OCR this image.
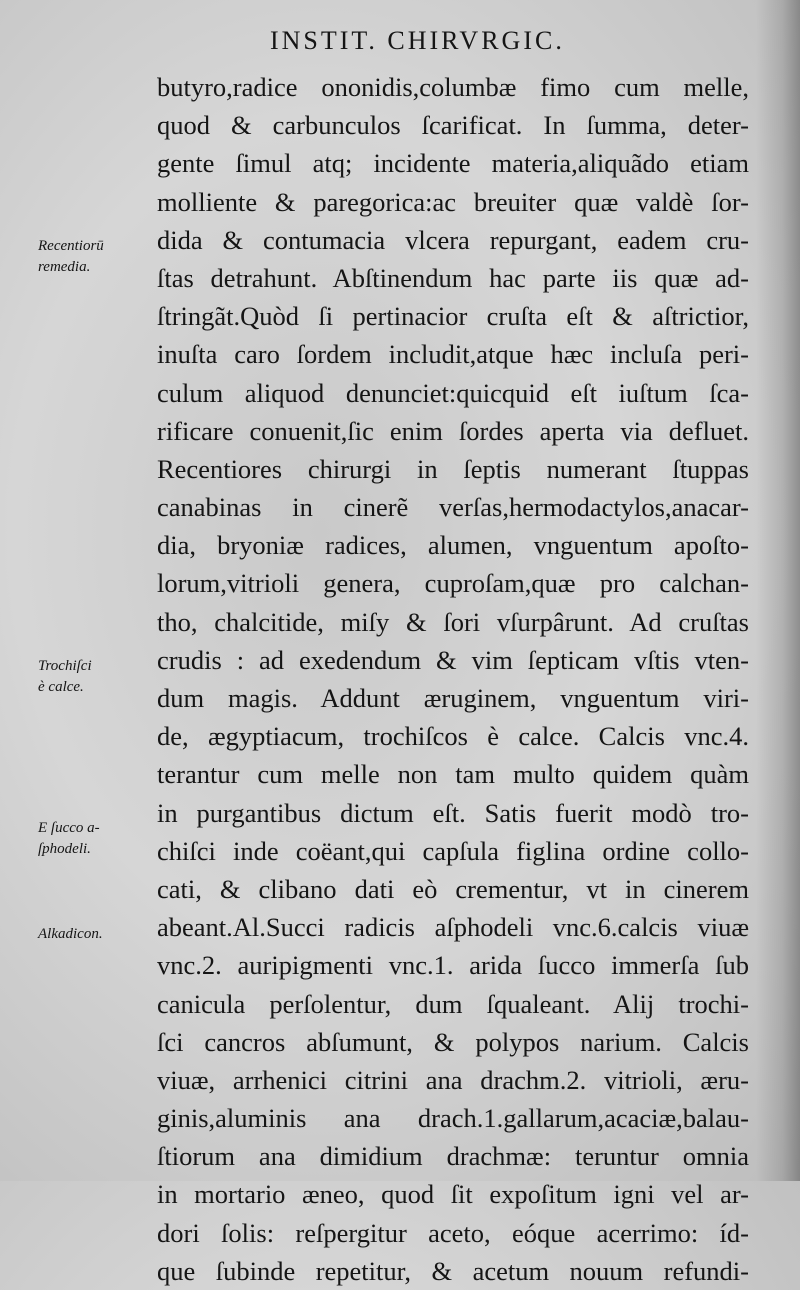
INSTIT. CHIRVRGIC.
butyro,radice ononidis,columbæ fimo cum melle,
quod & carbunculos ſcarificat. In ſumma, deter-
gente ſimul atq; incidente materia,aliquãdo etiam
molliente & paregorica:ac breuiter quæ valdè ſor-
dida & contumacia vlcera repurgant, eadem cru-
ſtas detrahunt. Abſtinendum hac parte iis quæ ad-
ſtringãt.Quòd ſi pertinacior cruſta eſt & aſtrictior,
inuſta caro ſordem includit,atque hæc incluſa peri-
culum aliquod denunciet:quicquid eſt iuſtum ſca-
rificare conuenit,ſic enim ſordes aperta via defluet.
Recentiores chirurgi in ſeptis numerant ſtuppas
canabinas in cinerẽ verſas,hermodactylos,anacar-
dia, bryoniæ radices, alumen, vnguentum apoſto-
lorum,vitrioli genera, cuproſam,quæ pro calchan-
tho, chalcitide, miſy & ſori vſurpârunt. Ad cruſtas
crudis : ad exedendum & vim ſepticam vſtis vten-
dum magis. Addunt æruginem, vnguentum viri-
de, ægyptiacum, trochiſcos è calce. Calcis vnc.4.
terantur cum melle non tam multo quidem quàm
in purgantibus dictum eſt. Satis fuerit modò tro-
chiſci inde coëant,qui capſula figlina ordine collo-
cati, & clibano dati eò crementur, vt in cinerem
abeant.Al.Succi radicis aſphodeli vnc.6.calcis viuæ
vnc.2. auripigmenti vnc.1. arida ſucco immerſa ſub
canicula perſolentur, dum ſqualeant. Alij trochi-
ſci cancros abſumunt, & polypos narium. Calcis
viuæ, arrhenici citrini ana drachm.2. vitrioli, æru-
ginis,aluminis ana drach.1.gallarum,acaciæ,balau-
ſtiorum ana dimidium drachmæ: teruntur omnia
in mortario æneo, quod ſit expoſitum igni vel ar-
dori ſolis: reſpergitur aceto, eóque acerrimo: íd-
que ſubinde repetitur, & acetum nouum refundi-
Recentiorū
remedia.
Trochiſci
è calce.
E ſucco a-
ſphodeli.
Alkadicon.
